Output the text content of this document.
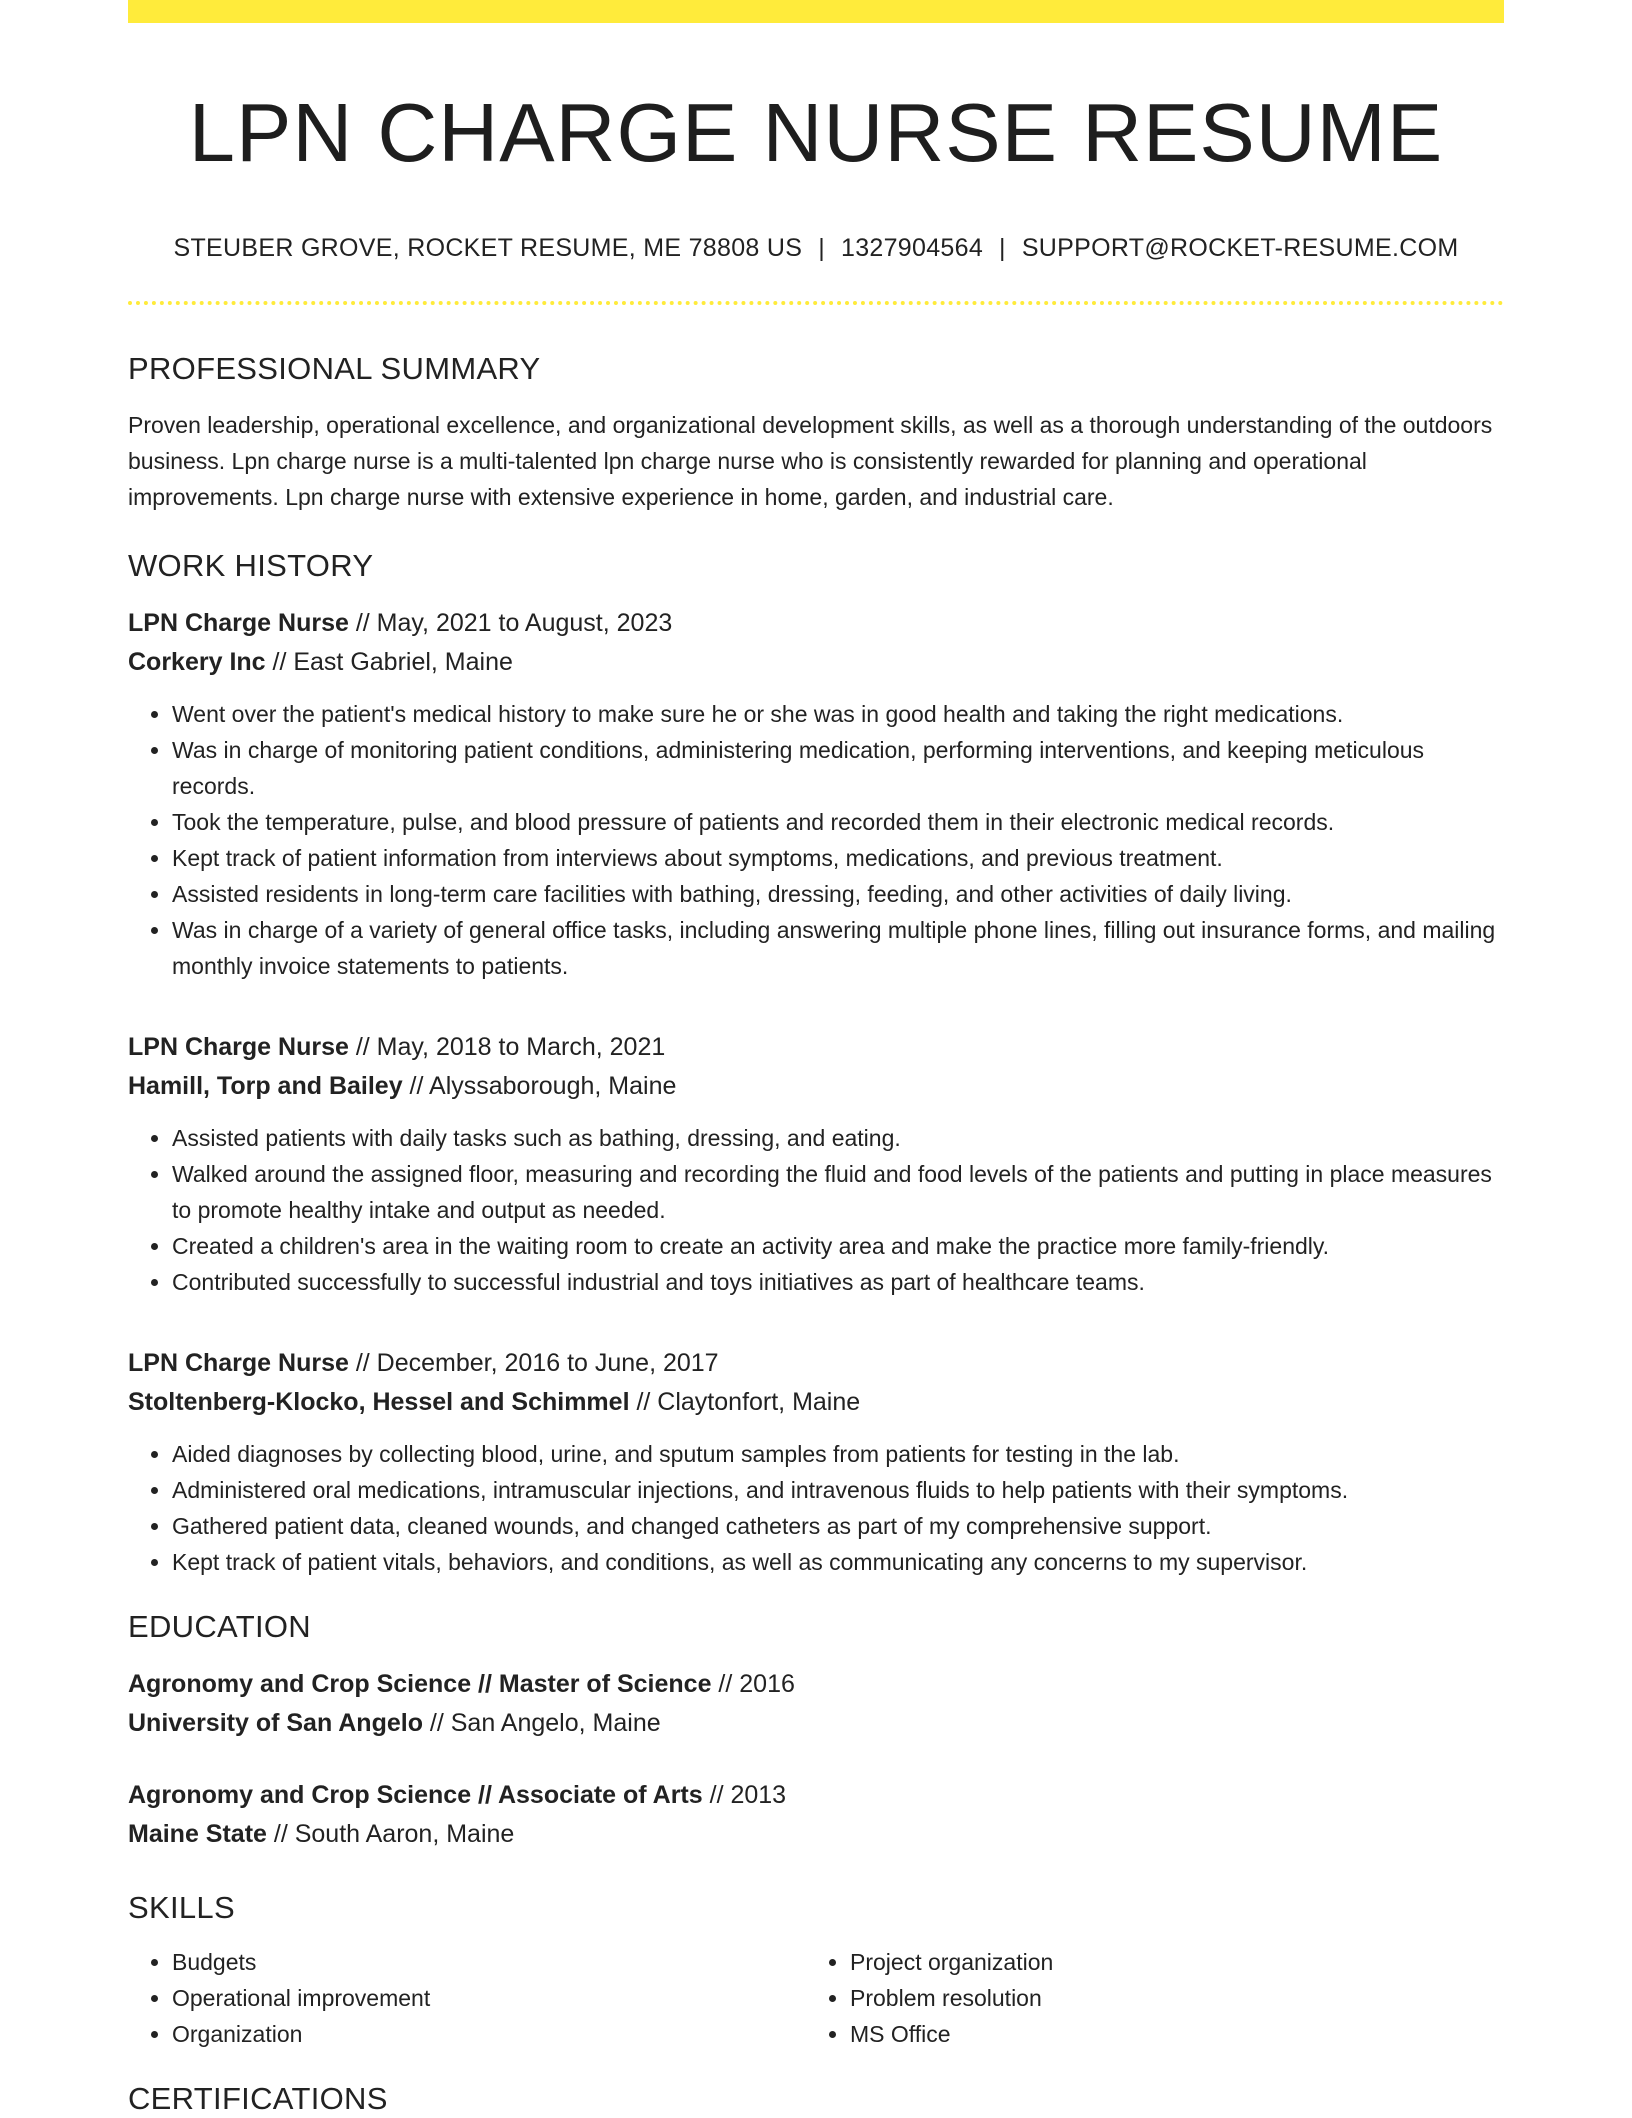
LPN CHARGE NURSE RESUME
STEUBER GROVE, ROCKET RESUME, ME 78808 US | 1327904564 | SUPPORT@ROCKET-RESUME.COM
PROFESSIONAL SUMMARY
Proven leadership, operational excellence, and organizational development skills, as well as a thorough understanding of the outdoors business. Lpn charge nurse is a multi-talented lpn charge nurse who is consistently rewarded for planning and operational improvements. Lpn charge nurse with extensive experience in home, garden, and industrial care.
WORK HISTORY
LPN Charge Nurse // May, 2021 to August, 2023
Corkery Inc // East Gabriel, Maine
• Went over the patient's medical history to make sure he or she was in good health and taking the right medications.
• Was in charge of monitoring patient conditions, administering medication, performing interventions, and keeping meticulous records.
• Took the temperature, pulse, and blood pressure of patients and recorded them in their electronic medical records.
• Kept track of patient information from interviews about symptoms, medications, and previous treatment.
• Assisted residents in long-term care facilities with bathing, dressing, feeding, and other activities of daily living.
• Was in charge of a variety of general office tasks, including answering multiple phone lines, filling out insurance forms, and mailing monthly invoice statements to patients.
LPN Charge Nurse // May, 2018 to March, 2021
Hamill, Torp and Bailey // Alyssaborough, Maine
• Assisted patients with daily tasks such as bathing, dressing, and eating.
• Walked around the assigned floor, measuring and recording the fluid and food levels of the patients and putting in place measures to promote healthy intake and output as needed.
• Created a children's area in the waiting room to create an activity area and make the practice more family-friendly.
• Contributed successfully to successful industrial and toys initiatives as part of healthcare teams.
LPN Charge Nurse // December, 2016 to June, 2017
Stoltenberg-Klocko, Hessel and Schimmel // Claytonfort, Maine
• Aided diagnoses by collecting blood, urine, and sputum samples from patients for testing in the lab.
• Administered oral medications, intramuscular injections, and intravenous fluids to help patients with their symptoms.
• Gathered patient data, cleaned wounds, and changed catheters as part of my comprehensive support.
• Kept track of patient vitals, behaviors, and conditions, as well as communicating any concerns to my supervisor.
EDUCATION
Agronomy and Crop Science // Master of Science // 2016
University of San Angelo // San Angelo, Maine
Agronomy and Crop Science // Associate of Arts // 2013
Maine State // South Aaron, Maine
SKILLS
• Budgets
• Operational improvement
• Organization
• Project organization
• Problem resolution
• MS Office
CERTIFICATIONS
